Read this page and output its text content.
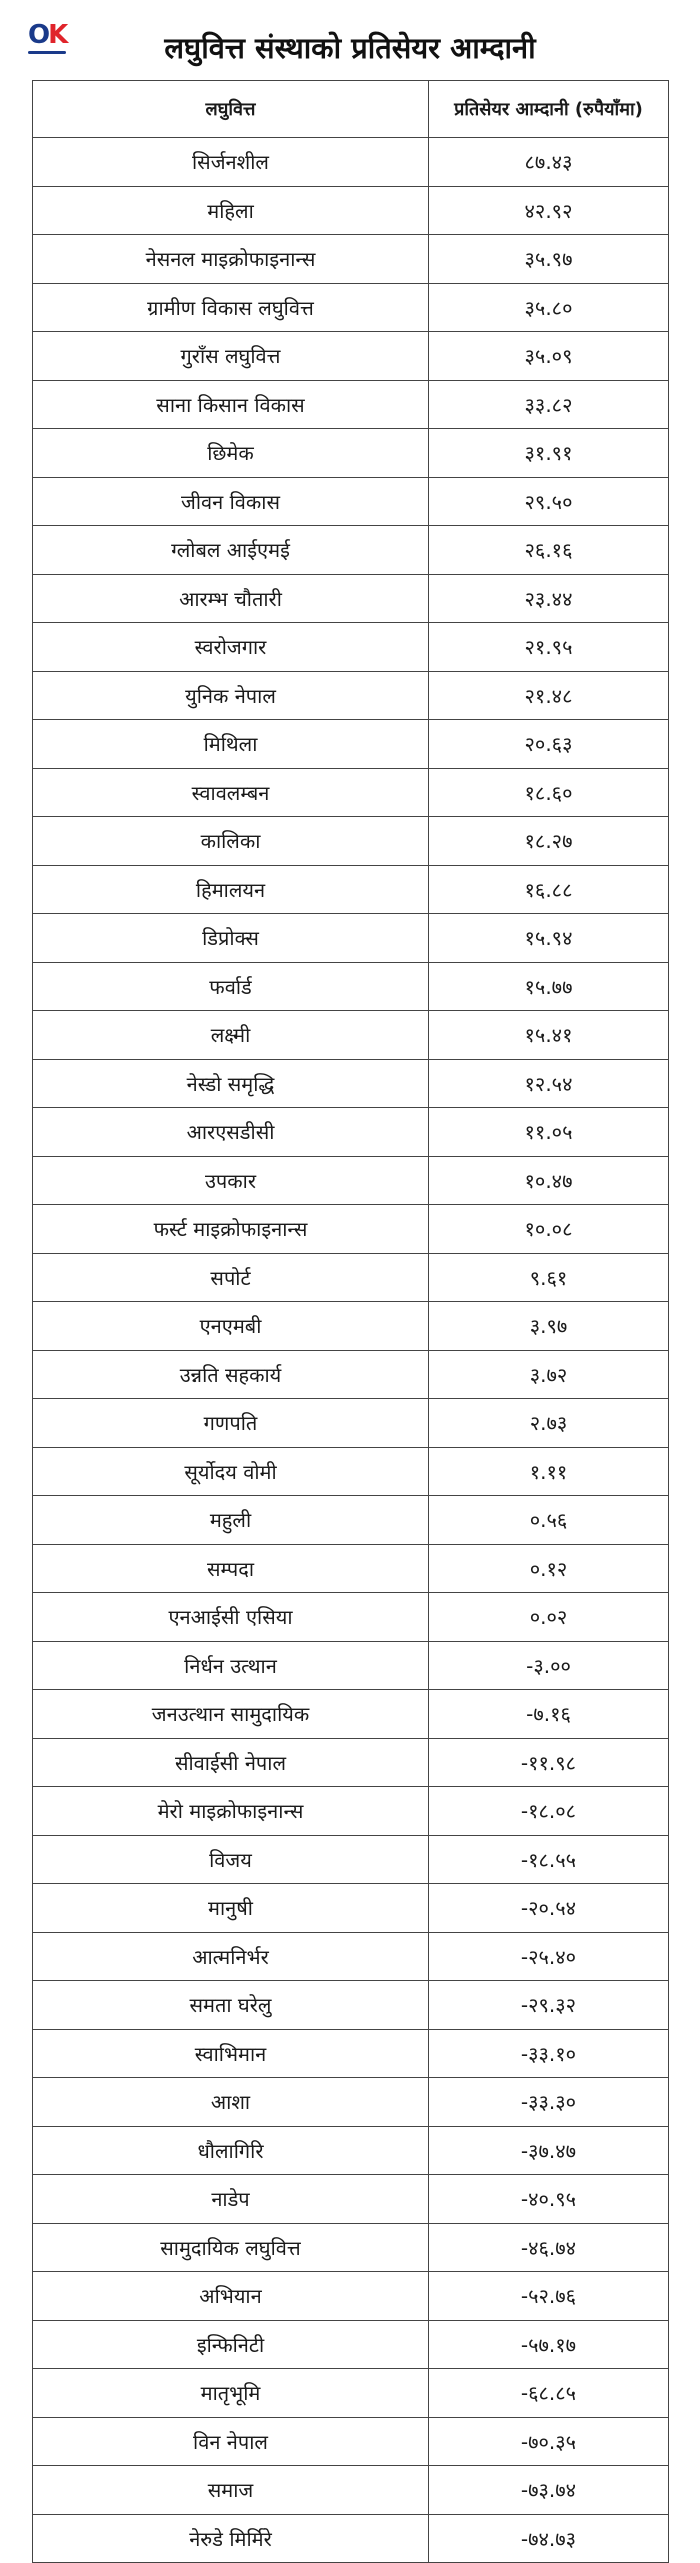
OK	लघुवित्त संस्थाको प्रतिसेयर आम्दानी
लघुवित्त	प्रतिसेयर आम्दानी (रुपैयाँमा)
सिर्जनशील	८७.४३
महिला	४२.९२
नेसनल माइक्रोफाइनान्स	३५.९७
ग्रामीण विकास लघुवित्त	३५.८०
गुराँस लघुवित्त	३५.०९
साना किसान विकास	३३.८२
छिमेक	३१.९१
जीवन विकास	२९.५०
ग्लोबल आईएमई	२६.१६
आरम्भ चौतारी	२३.४४
स्वरोजगार	२१.९५
युनिक नेपाल	२१.४८
मिथिला	२०.६३
स्वावलम्बन	१८.६०
कालिका	१८.२७
हिमालयन	१६.८८
डिप्रोक्स	१५.९४
फर्वार्ड	१५.७७
लक्ष्मी	१५.४१
नेस्डो समृद्धि	१२.५४
आरएसडीसी	११.०५
उपकार	१०.४७
फर्स्ट माइक्रोफाइनान्स	१०.०८
सपोर्ट	९.६१
एनएमबी	३.९७
उन्नति सहकार्य	३.७२
गणपति	२.७३
सूर्योदय वोमी	१.११
महुली	०.५६
सम्पदा	०.१२
एनआईसी एसिया	०.०२
निर्धन उत्थान	-३.००
जनउत्थान सामुदायिक	-७.१६
सीवाईसी नेपाल	-११.९८
मेरो माइक्रोफाइनान्स	-१८.०८
विजय	-१८.५५
मानुषी	-२०.५४
आत्मनिर्भर	-२५.४०
समता घरेलु	-२९.३२
स्वाभिमान	-३३.१०
आशा	-३३.३०
धौलागिरि	-३७.४७
नाडेप	-४०.९५
सामुदायिक लघुवित्त	-४६.७४
अभियान	-५२.७६
इन्फिनिटी	-५७.१७
मातृभूमि	-६८.८५
विन नेपाल	-७०.३५
समाज	-७३.७४
नेरुडे मिर्मिरे	-७४.७३
